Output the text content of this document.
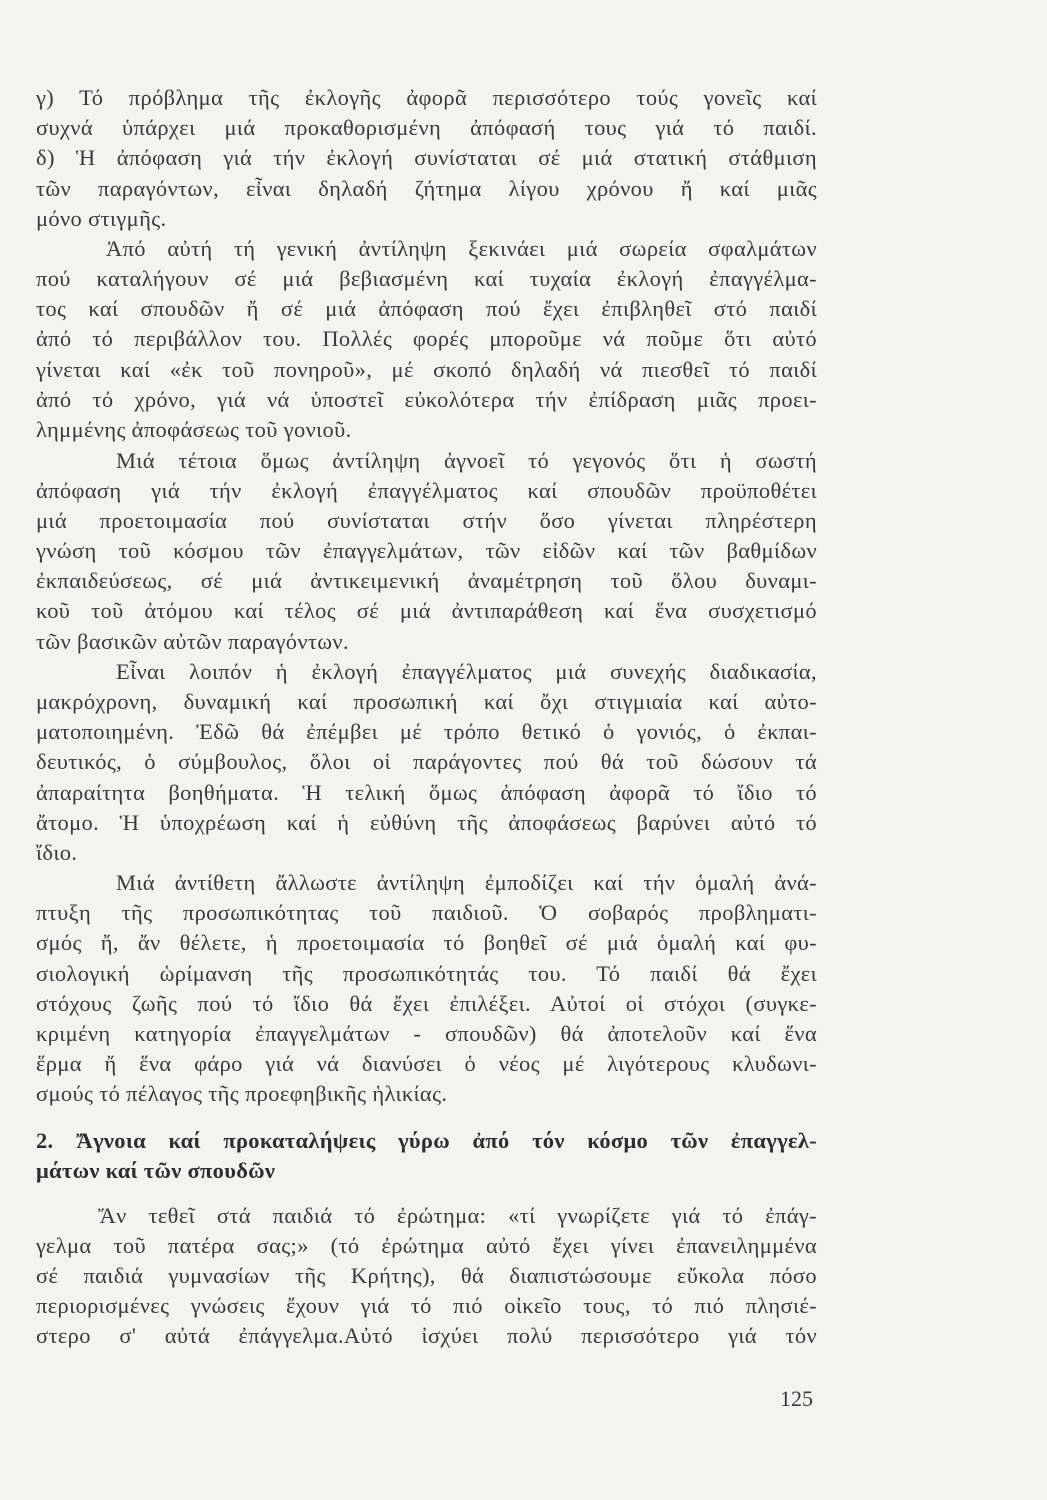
γ) Τό πρόβλημα τῆς ἐκλογῆς ἀφορᾶ περισσότερο τούς γονεῖς καί
συχνά ὑπάρχει μιά προκαθορισμένη ἀπόφασή τους γιά τό παιδί.
δ) Ἡ ἀπόφαση γιά τήν ἐκλογή συνίσταται σέ μιά στατική στάθμιση
τῶν παραγόντων, εἶναι δηλαδή ζήτημα λίγου χρόνου ἤ καί μιᾶς
μόνο στιγμῆς.
Ἀπό αὐτή τή γενική ἀντίληψη ξεκινάει μιά σωρεία σφαλμάτων
πού καταλήγουν σέ μιά βεβιασμένη καί τυχαία ἐκλογή ἐπαγγέλμα-
τος καί σπουδῶν ἤ σέ μιά ἀπόφαση πού ἔχει ἐπιβληθεῖ στό παιδί
ἀπό τό περιβάλλον του. Πολλές φορές μποροῦμε νά ποῦμε ὅτι αὐτό
γίνεται καί «ἐκ τοῦ πονηροῦ», μέ σκοπό δηλαδή νά πιεσθεῖ τό παιδί
ἀπό τό χρόνο, γιά νά ὑποστεῖ εὐκολότερα τήν ἐπίδραση μιᾶς προει-
λημμένης ἀποφάσεως τοῦ γονιοῦ.
Μιά τέτοια ὅμως ἀντίληψη ἀγνοεῖ τό γεγονός ὅτι ἡ σωστή
ἀπόφαση γιά τήν ἐκλογή ἐπαγγέλματος καί σπουδῶν προϋποθέτει
μιά προετοιμασία πού συνίσταται στήν ὅσο γίνεται πληρέστερη
γνώση τοῦ κόσμου τῶν ἐπαγγελμάτων, τῶν εἰδῶν καί τῶν βαθμίδων
ἐκπαιδεύσεως, σέ μιά ἀντικειμενική ἀναμέτρηση τοῦ ὅλου δυναμι-
κοῦ τοῦ ἀτόμου καί τέλος σέ μιά ἀντιπαράθεση καί ἕνα συσχετισμό
τῶν βασικῶν αὐτῶν παραγόντων.
Εἶναι λοιπόν ἡ ἐκλογή ἐπαγγέλματος μιά συνεχής διαδικασία,
μακρόχρονη, δυναμική καί προσωπική καί ὄχι στιγμιαία καί αὐτο-
ματοποιημένη. Ἐδῶ θά ἐπέμβει μέ τρόπο θετικό ὁ γονιός, ὁ ἐκπαι-
δευτικός, ὁ σύμβουλος, ὅλοι οἱ παράγοντες πού θά τοῦ δώσουν τά
ἀπαραίτητα βοηθήματα. Ἡ τελική ὅμως ἀπόφαση ἀφορᾶ τό ἴδιο τό
ἄτομο. Ἡ ὑποχρέωση καί ἡ εὐθύνη τῆς ἀποφάσεως βαρύνει αὐτό τό
ἴδιο.
Μιά ἀντίθετη ἄλλωστε ἀντίληψη ἐμποδίζει καί τήν ὁμαλή ἀνά-
πτυξη τῆς προσωπικότητας τοῦ παιδιοῦ. Ὁ σοβαρός προβληματι-
σμός ἤ, ἄν θέλετε, ἡ προετοιμασία τό βοηθεῖ σέ μιά ὁμαλή καί φυ-
σιολογική ὡρίμανση τῆς προσωπικότητάς του. Τό παιδί θά ἔχει
στόχους ζωῆς πού τό ἴδιο θά ἔχει ἐπιλέξει. Αὐτοί οἱ στόχοι (συγκε-
κριμένη κατηγορία ἐπαγγελμάτων - σπουδῶν) θά ἀποτελοῦν καί ἕνα
ἕρμα ἤ ἕνα φάρο γιά νά διανύσει ὁ νέος μέ λιγότερους κλυδωνι-
σμούς τό πέλαγος τῆς προεφηβικῆς ἡλικίας.
2. Ἄγνοια καί προκαταλήψεις γύρω ἀπό τόν κόσμο τῶν ἐπαγγελ-
μάτων καί τῶν σπουδῶν
Ἄν τεθεῖ στά παιδιά τό ἐρώτημα: «τί γνωρίζετε γιά τό ἐπάγ-
γελμα τοῦ πατέρα σας;» (τό ἐρώτημα αὐτό ἔχει γίνει ἐπανειλημμένα
σέ παιδιά γυμνασίων τῆς Κρήτης), θά διαπιστώσουμε εὔκολα πόσο
περιορισμένες γνώσεις ἔχουν γιά τό πιό οἰκεῖο τους, τό πιό πλησιέ-
στερο σ' αὐτά ἐπάγγελμα.Αὐτό ἰσχύει πολύ περισσότερο γιά τόν
125
